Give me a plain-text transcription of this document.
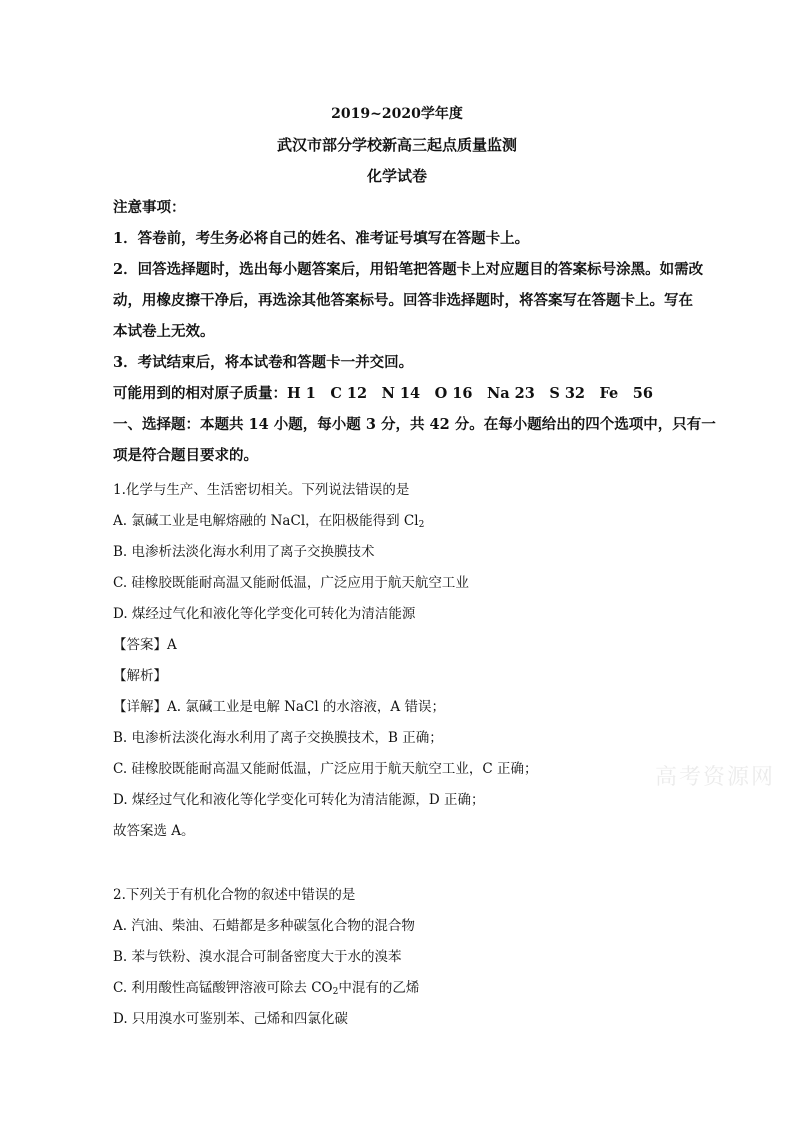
2019~2020学年度
武汉市部分学校新高三起点质量监测
化学试卷
注意事项：
1．答卷前，考生务必将自己的姓名、准考证号填写在答题卡上。
2．回答选择题时，选出每小题答案后，用铅笔把答题卡上对应题目的答案标号涂黑。如需改
动，用橡皮擦干净后，再选涂其他答案标号。回答非选择题时，将答案写在答题卡上。写在
本试卷上无效。
3．考试结束后，将本试卷和答题卡一并交回。
可能用到的相对原子质量：H 1　C 12　N 14　O 16　Na 23　S 32　Fe　56
一、选择题：本题共 14 小题，每小题 3 分，共 42 分。在每小题给出的四个选项中，只有一
项是符合题目要求的。
1.化学与生产、生活密切相关。下列说法错误的是
A. 氯碱工业是电解熔融的 NaCl，在阳极能得到 $Cl_2$
B. 电渗析法淡化海水利用了离子交换膜技术
C. 硅橡胶既能耐高温又能耐低温，广泛应用于航天航空工业
D. 煤经过气化和液化等化学变化可转化为清洁能源
【答案】A
【解析】
【详解】A. 氯碱工业是电解 NaCl 的水溶液，A 错误；
B. 电渗析法淡化海水利用了离子交换膜技术，B 正确；
C. 硅橡胶既能耐高温又能耐低温，广泛应用于航天航空工业，C 正确；
D. 煤经过气化和液化等化学变化可转化为清洁能源，D 正确；
故答案选 A。
2.下列关于有机化合物的叙述中错误的是
A. 汽油、柴油、石蜡都是多种碳氢化合物的混合物
B. 苯与铁粉、溴水混合可制备密度大于水的溴苯
C. 利用酸性高锰酸钾溶液可除去 $CO_2$中混有的乙烯
D. 只用溴水可鉴别苯、己烯和四氯化碳
高考资源网
